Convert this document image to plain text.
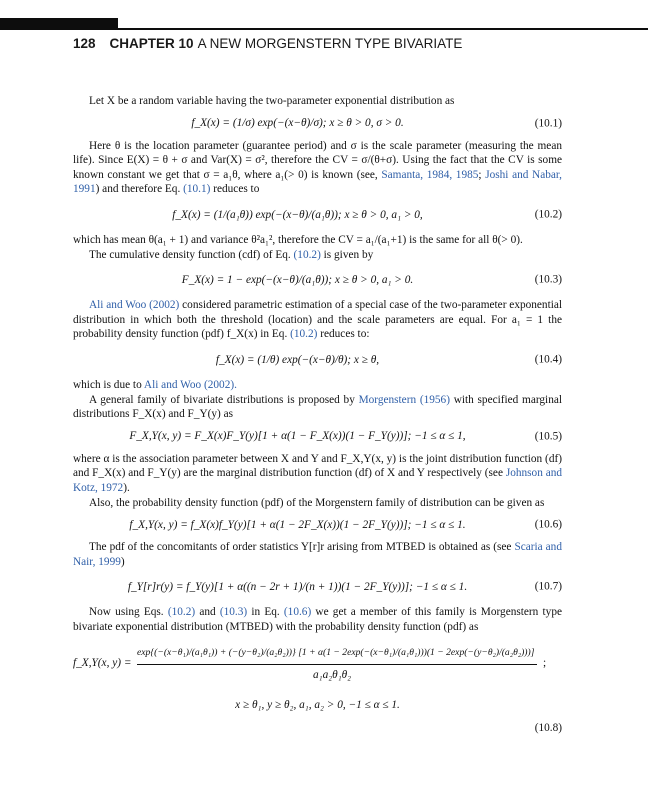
128 CHAPTER 10 A NEW MORGENSTERN TYPE BIVARIATE

Let X be a random variable having the two-parameter exponential distribution as

f_X(x) = (1/σ) exp(−(x−θ)/σ); x ≥ θ > 0, σ > 0.	(10.1)

Here θ is the location parameter (guarantee period) and σ is the scale parameter (measuring the mean life). Since E(X) = θ + σ and Var(X) = σ², therefore the CV = σ/(θ+σ). Using the fact that the CV is some known constant we get that σ = a₁θ, where a₁(> 0) is known (see, Samanta, 1984, 1985; Joshi and Nabar, 1991) and therefore Eq. (10.1) reduces to

f_X(x) = (1/(a₁θ)) exp(−(x−θ)/(a₁θ)); x ≥ θ > 0, a₁ > 0,	(10.2)

which has mean θ(a₁ + 1) and variance θ²a₁², therefore the CV = a₁/(a₁+1) is the same for all θ(> 0).

The cumulative density function (cdf) of Eq. (10.2) is given by

F_X(x) = 1 − exp(−(x−θ)/(a₁θ)); x ≥ θ > 0, a₁ > 0.	(10.3)

Ali and Woo (2002) considered parametric estimation of a special case of the two-parameter exponential distribution in which both the threshold (location) and the scale parameters are equal. For a₁ = 1 the probability density function (pdf) f_X(x) in Eq. (10.2) reduces to:

f_X(x) = (1/θ) exp(−(x−θ)/θ); x ≥ θ,	(10.4)

which is due to Ali and Woo (2002).

A general family of bivariate distributions is proposed by Morgenstern (1956) with specified marginal distributions F_X(x) and F_Y(y) as

F_X,Y(x, y) = F_X(x)F_Y(y)[1 + α(1 − F_X(x))(1 − F_Y(y))]; −1 ≤ α ≤ 1,	(10.5)

where α is the association parameter between X and Y and F_X,Y(x, y) is the joint distribution function (df) and F_X(x) and F_Y(y) are the marginal distribution function (df) of X and Y respectively (see Johnson and Kotz, 1972).

Also, the probability density function (pdf) of the Morgenstern family of distribution can be given as

f_X,Y(x, y) = f_X(x)f_Y(y)[1 + α(1 − 2F_X(x))(1 − 2F_Y(y))]; −1 ≤ α ≤ 1.	(10.6)

The pdf of the concomitants of order statistics Y[r]r arising from MTBED is obtained as (see Scaria and Nair, 1999)

f_Y[r]r(y) = f_Y(y)[1 + α((n − 2r + 1)/(n + 1))(1 − 2F_Y(y))]; −1 ≤ α ≤ 1.	(10.7)

Now using Eqs. (10.2) and (10.3) in Eq. (10.6) we get a member of this family is Morgenstern type bivariate exponential distribution (MTBED) with the probability density function (pdf) as

f_X,Y(x, y) =
exp{(−(x−θ₁)/(a₁θ₁)) + (−(y−θ₂)/(a₂θ₂))} [1 + α(1 − 2exp(−(x−θ₁)/(a₁θ₁)))(1 − 2exp(−(y−θ₂)/(a₂θ₂)))]
a₁a₂θ₁θ₂
;
x ≥ θ₁, y ≥ θ₂, a₁, a₂ > 0, −1 ≤ α ≤ 1.
(10.8)
